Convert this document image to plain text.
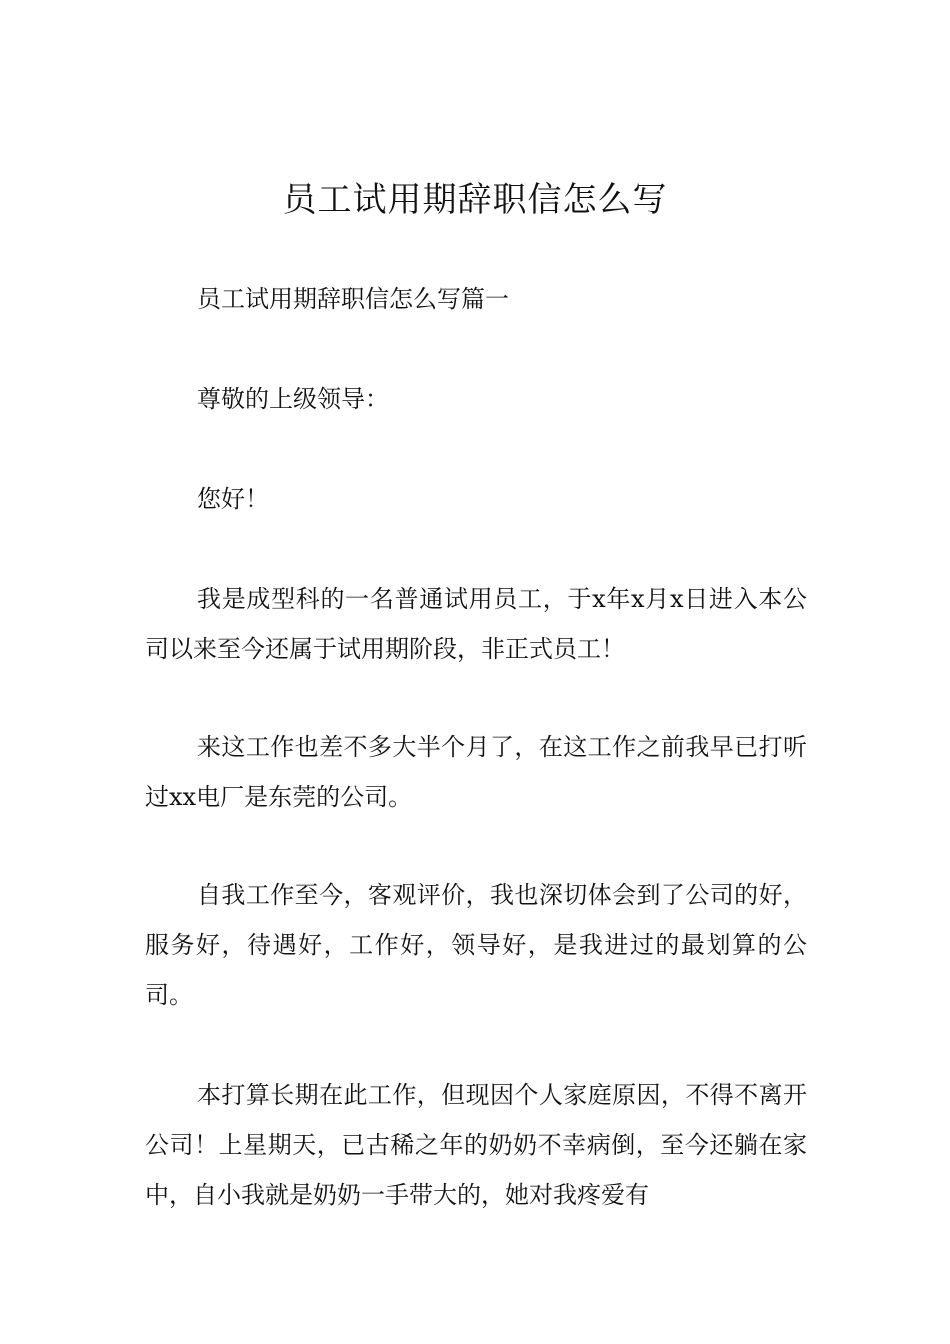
员工试用期辞职信怎么写

员工试用期辞职信怎么写篇一

尊敬的上级领导：

您好！

我是成型科的一名普通试用员工，于x年x月x日进入本公司以来至今还属于试用期阶段，非正式员工！

来这工作也差不多大半个月了，在这工作之前我早已打听过xx电厂是东莞的公司。

自我工作至今，客观评价，我也深切体会到了公司的好，服务好，待遇好，工作好，领导好，是我进过的最划算的公司。

本打算长期在此工作，但现因个人家庭原因，不得不离开公司！上星期天，已古稀之年的奶奶不幸病倒，至今还躺在家中，自小我就是奶奶一手带大的，她对我疼爱有
